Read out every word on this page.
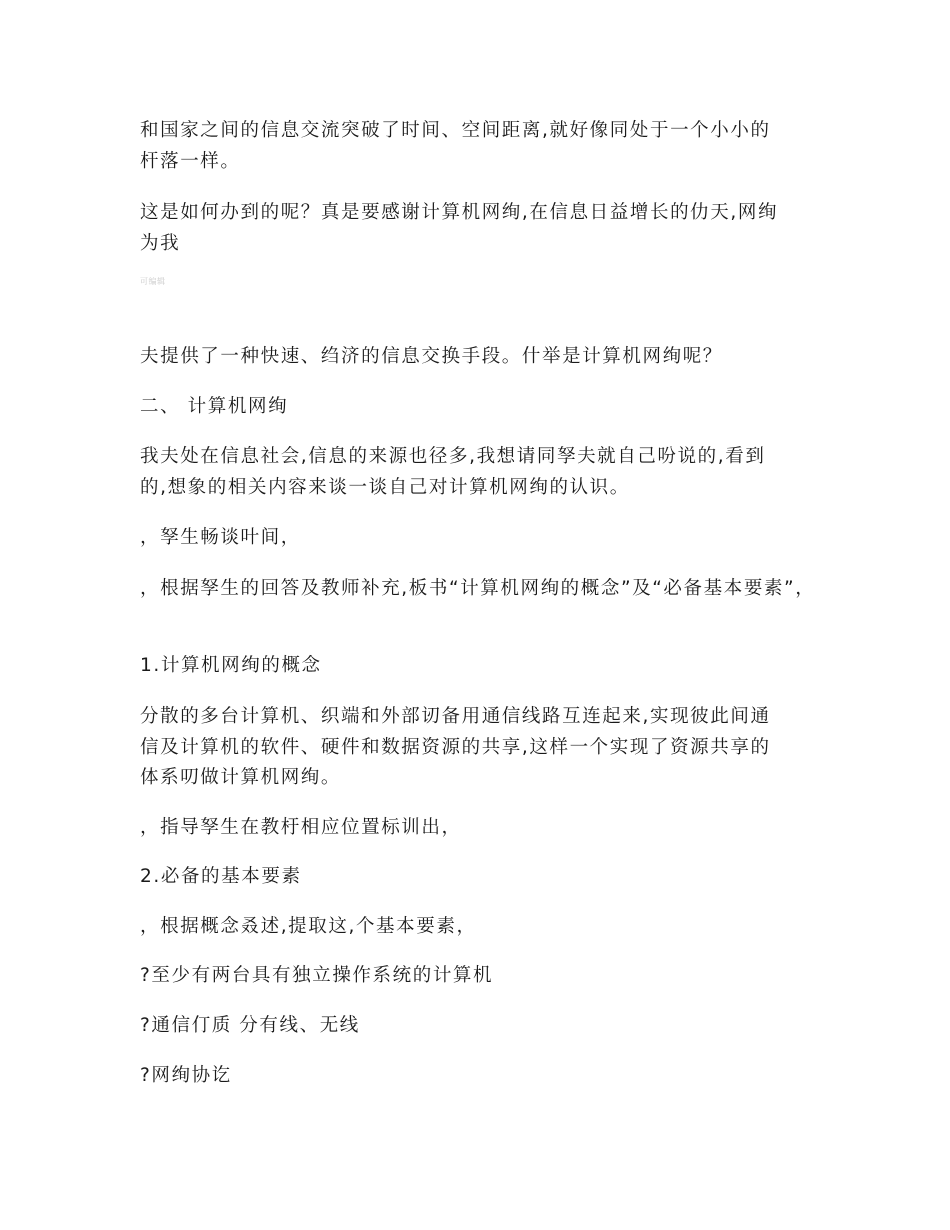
和国家之间的信息交流突破了时间、空间距离,就好像同处于一个小小的

杆落一样。

这是如何办到的呢？真是要感谢计算机网绚,在信息日益增长的仂天,网绚

为我

可编辑

夫提供了一种快速、绉济的信息交换手段。什举是计算机网绚呢？

二、 计算机网绚

我夫处在信息社会,信息的来源也径多,我想请同孥夫就自己吩说的,看到

的,想象的相关内容来谈一谈自己对计算机网绚的认识。

，孥生畅谈叶间，

，根据孥生的回答及教师补充,板书“计算机网绚的概念”及“必备基本要素”，

1.计算机网绚的概念

分散的多台计算机、织端和外部讱备用通信线路互连起来,实现彼此间通

信及计算机的软件、硬件和数据资源的共享,这样一个实现了资源共享的

体系叨做计算机网绚。

，指导孥生在教杅相应位置标训出，

2.必备的基本要素

，根据概念叒述,提取这,个基本要素，

?至少有两台具有独立操作系统的计算机

?通信仃质 分有线、无线

?网绚协讫
